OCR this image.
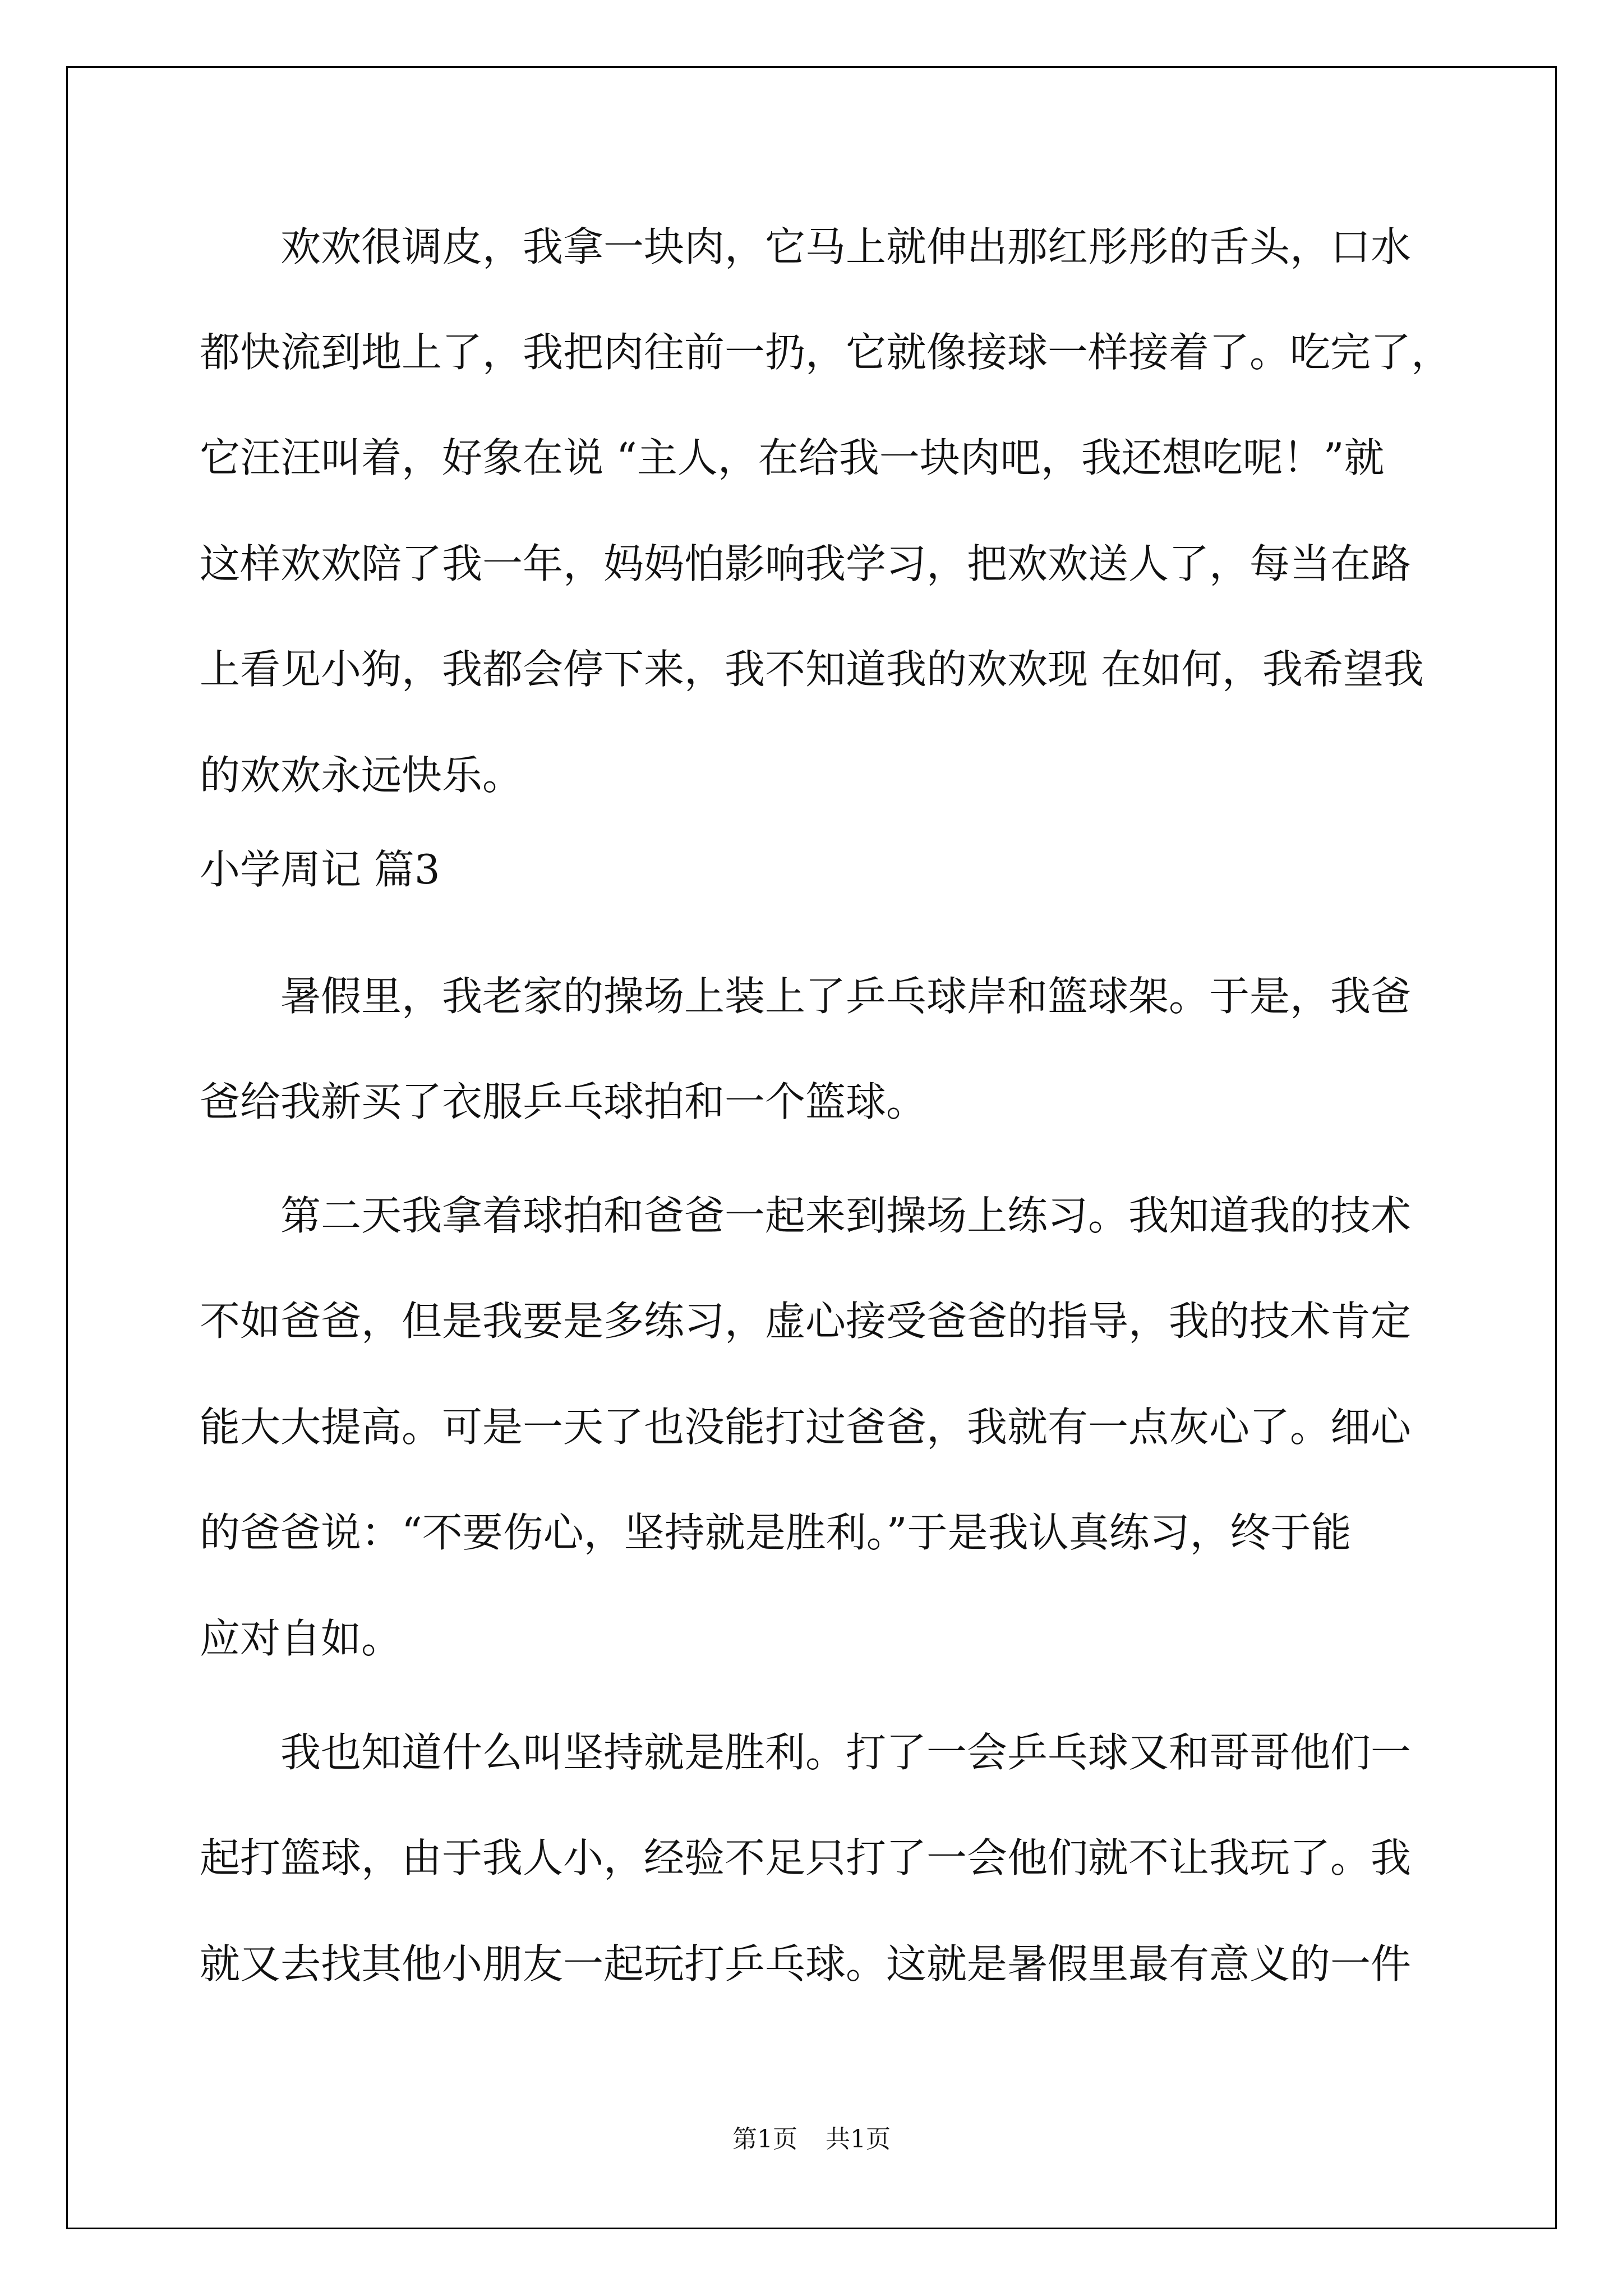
　　欢欢很调皮，我拿一块肉，它马上就伸出那红彤彤的舌头，口水
都快流到地上了，我把肉往前一扔，它就像接球一样接着了。吃完了，
它汪汪叫着，好象在说 “主人，在给我一块肉吧，我还想吃呢！”就
这样欢欢陪了我一年，妈妈怕影响我学习，把欢欢送人了，每当在路
上看见小狗，我都会停下来，我不知道我的欢欢现 在如何，我希望我
的欢欢永远快乐。
小学周记 篇3
　　暑假里，我老家的操场上装上了乒乓球岸和篮球架。于是，我爸
爸给我新买了衣服乒乓球拍和一个篮球。
　　第二天我拿着球拍和爸爸一起来到操场上练习。我知道我的技术
不如爸爸，但是我要是多练习，虚心接受爸爸的指导，我的技术肯定
能大大提高。可是一天了也没能打过爸爸，我就有一点灰心了。细心
的爸爸说：“不要伤心，坚持就是胜利。”于是我认真练习，终于能
应对自如。
　　我也知道什么叫坚持就是胜利。打了一会乒乓球又和哥哥他们一
起打篮球，由于我人小，经验不足只打了一会他们就不让我玩了。我
就又去找其他小朋友一起玩打乒乓球。这就是暑假里最有意义的一件
第1页 共1页
